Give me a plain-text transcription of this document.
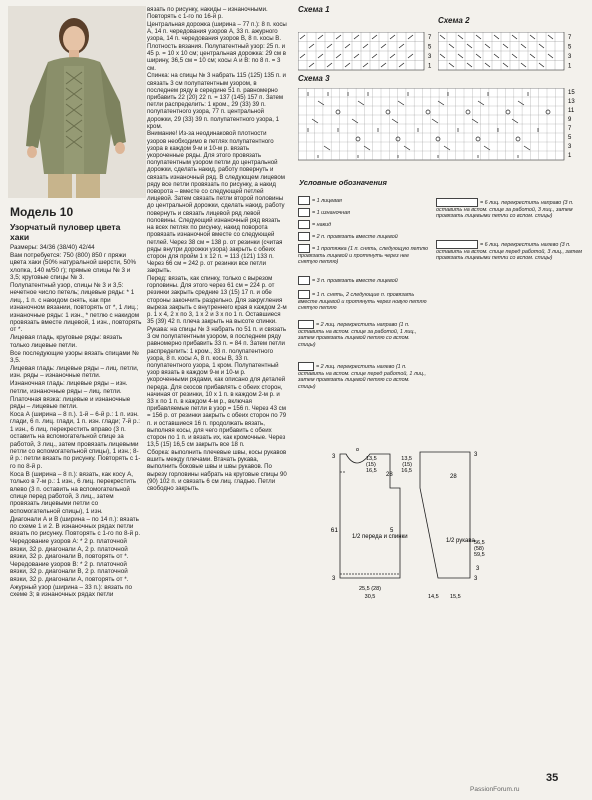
Модель 10
Узорчатый пуловер цвета хаки

Размеры: 34/36 (38/40) 42/44

Вам потребуется: 750 (800) 850 г пряжи цвета хаки (50% натуральной шерсти, 50% хлопка, 140 м/50 г); прямые спицы № 3 и 3,5; круговые спицы № 3.

Полупатентный узор, спицы № 3 и 3,5: нечетное число петель; лицевые ряды: * 1 лиц., 1 п. с накидом снять, как при изнаночном вязании, повторять от *, 1 лиц.; изнаночные ряды: 1 изн., * петлю с накидом провязать вместе лицевой, 1 изн., повторять от *.

Лицевая гладь, круговые ряды: вязать только лицевые петли.

Все последующие узоры вязать спицами № 3,5.

Лицевая гладь: лицевые ряды – лиц. петли, изн. ряды – изнаночные петли.

Изнаночная гладь: лицевые ряды – изн. петли, изнаночные ряды – лиц. петли.

Платочная вязка: лицевые и изнаночные ряды – лицевые петли.

Коса А (ширина – 8 п.). 1-й – 6-й р.: 1 п. изн. глади, 6 п. лиц. глади, 1 п. изн. глади; 7-й р.: 1 изн., 6 лиц. перекрестить вправо (3 п. оставить на вспомогательной спице за работой, 3 лиц., затем провязать лицевыми петли со вспомогательной спицы), 1 изн.; 8-й р.: петли вязать по рисунку. Повторять с 1-го по 8-й р.

Коса В (ширина – 8 п.): вязать, как косу А, только в 7-м р.: 1 изн., 6 лиц. перекрестить влево (3 п. оставить на вспомогательной спице перед работой, 3 лиц., затем провязать лицевыми петли со вспомогательной спицы), 1 изн.

Диагонали А и В (ширина – по 14 п.): вязать по схеме 1 и 2. В изнаночных рядах петли вязать по рисунку. Повторять с 1-го по 8-й р.

Чередование узоров А: * 2 р. платочной вязки, 32 р. диагонали А, 2 р. платочной вязки, 32 р. диагонали В, повторять от *.

Чередование узоров В: * 2 р. платочной вязки, 32 р. диагонали В, 2 р. платочной вязки, 32 р. диагонали А, повторять от *.

Ажурный узор (ширина – 33 п.): вязать по схеме 3; в изнаночных рядах петли

вязать по рисунку, накиды – изнаночными. Повторять с 1-го по 16-й р.

Центральная дорожка (ширина – 77 п.): 8 п. косы А, 14 п. чередования узоров А, 33 п. ажурного узора, 14 п. чередования узоров В, 8 п. косы В.

Плотность вязания. Полупатентный узор: 25 п. и 45 р. = 10 х 10 см; центральная дорожка: 29 см в ширину, 36,5 см = 10 см; косы А и В: по 8 п. = 3 см.

Спинка: на спицы № 3 набрать 115 (125) 135 п. и связать 3 см полупатентным узором, в последнем ряду в середине 51 п. равномерно прибавить 22 (20) 22 п. = 137 (145) 157 п. Затем петли распределить: 1 кром., 29 (33) 39 п. полупатентного узора, 77 п. центральной дорожки, 29 (33) 39 п. полупатентного узора, 1 кром.

Внимание! Из-за неодинаковой плотности узоров необходимо в петлях полупатентного узора в каждом 9-м и 10-м р. вязать укороченные ряды. Для этого провязать полупатентным узором петли до центральной дорожки, сделать накид, работу повернуть и связать изнаночный ряд. В следующем лицевом ряду все петли провязать по рисунку, а накид поворота – вместе со следующей петлей лицевой. Затем связать петли второй половины до центральной дорожки, сделать накид, работу повернуть и связать лицевой ряд левой половины. Следующий изнаночный ряд вязать на всех петлях по рисунку, накид поворота провязать изнаночной вместе со следующей петлей. Через 38 см = 138 р. от резинки (считая ряды внутри дорожки узора) закрыть с обеих сторон для пройм 1 х 12 п. = 113 (121) 133 п. Через 66 см = 242 р. от резинки все петли закрыть.

Перед: вязать, как спинку, только с вырезом горловины. Для этого через 61 см = 224 р. от резинки закрыть средние 13 (15) 17 п. и обе стороны закончить раздельно. Для закругления выреза закрыть с внутреннего края в каждом 2-м р. 1 х 4, 2 х по 3, 1 х 2 и 3 х по 1 п. Оставшиеся 35 (39) 42 п. плеча закрыть на высоте спинки.

Рукава: на спицы № 3 набрать по 51 п. и связать 3 см полупатентным узором, в последнем ряду равномерно прибавить 33 п. = 84 п. Затем петли распределить: 1 кром., 33 п. полупатентного узора, 8 п. косы А, 8 п. косы В, 33 п. полупатентного узора, 1 кром. Полупатентный узор вязать в каждом 9-м и 10-м р. укороченными рядами, как описано для деталей переда. Для скосов прибавлять с обеих сторон, начиная от резинки, 10 х 1 п. в каждом 2-м р. и 33 х по 1 п. в каждом 4-м р., включая прибавляемые петли в узор = 156 п. Через 43 см = 156 р. от резинки закрыть с обеих сторон по 79 п. и оставшиеся 16 п. продолжать вязать, выполняя косы, для чего прибавить с обеих сторон по 1 п. и вязать их, как кромочные. Через 13,5 (15) 16,5 см закрыть все 18 п.

Сборка: выполнить плечевые швы, косы рукавов вшить между плечами. Втачать рукава, выполнить боковые швы и швы рукавов. По вырезу горловины набрать на круговые спицы 90 (90) 102 п. и связать 6 см лиц. гладью. Петли свободно закрыть.

Схема 1
Схема 2
Схема 3
7
5
3
1
7
5
3
1
15
13
11
9
7
5
3
1
Условные обозначения
= 1 лицевая
= 1 изнаночная
= накид
= 2 п. провязать вместе лицевой
= 1 протяжка (1 п. снять, следующую петлю провязать лицевой и протянуть через нее снятую петлю)
= 3 п. провязать вместе лицевой
= 1 п. снять, 2 следующие п. провязать вместе лицевой и протянуть через новую петлю снятую петлю
= 2 лиц. перекрестить направо (1 п. оставить на вспом. спице за работой, 1 лиц., затем провязать лицевой петлю со вспом. спицы)
= 2 лиц. перекрестить налево (1 п. оставить на вспом. спице перед работой, 1 лиц., затем провязать лицевой петлю со вспом. спицы)
= 6 лиц. перекрестить направо (3 п. оставить на вспом. спице за работой, 3 лиц., затем провязать лицевыми петли со вспом. спицы)
= 6 лиц. перекрестить налево (3 п. оставить на вспом. спице перед работой, 3 лиц., затем провязать лицевыми петли со вспом. спицы)
61
8
13,5
(15)
16,5
28
5
3
3
25,5 (28)
30,5
1/2 переда и спинки
1/2 рукава
13,5
(15)
16,5
28
3
56,5
(58)
59,5
3
14,5 15,5
3
35
PassionForum.ru
